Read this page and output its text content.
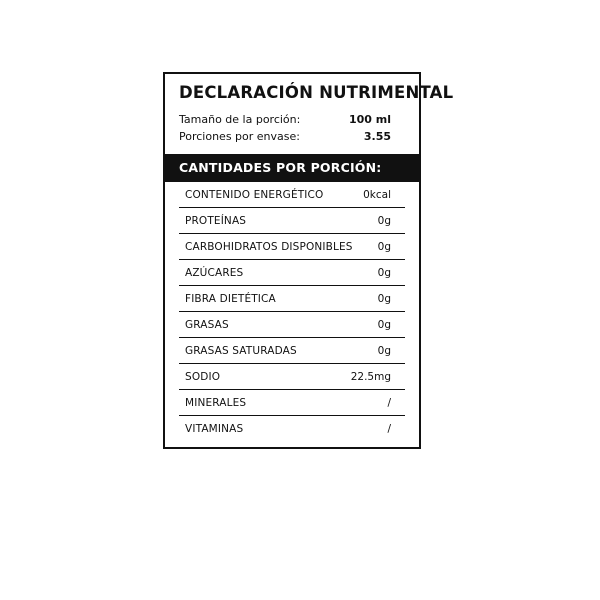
DECLARACIÓN NUTRIMENTAL
Tamaño de la porción:	100 ml
Porciones por envase:	3.55
CANTIDADES POR PORCIÓN:
CONTENIDO ENERGÉTICO	0kcal
PROTEÍNAS	0g
CARBOHIDRATOS DISPONIBLES 0g
AZÚCARES	0g
FIBRA DIETÉTICA	0g
GRASAS	0g
GRASAS SATURADAS	0g
SODIO	22.5mg
MINERALES	/
VITAMINAS	/
